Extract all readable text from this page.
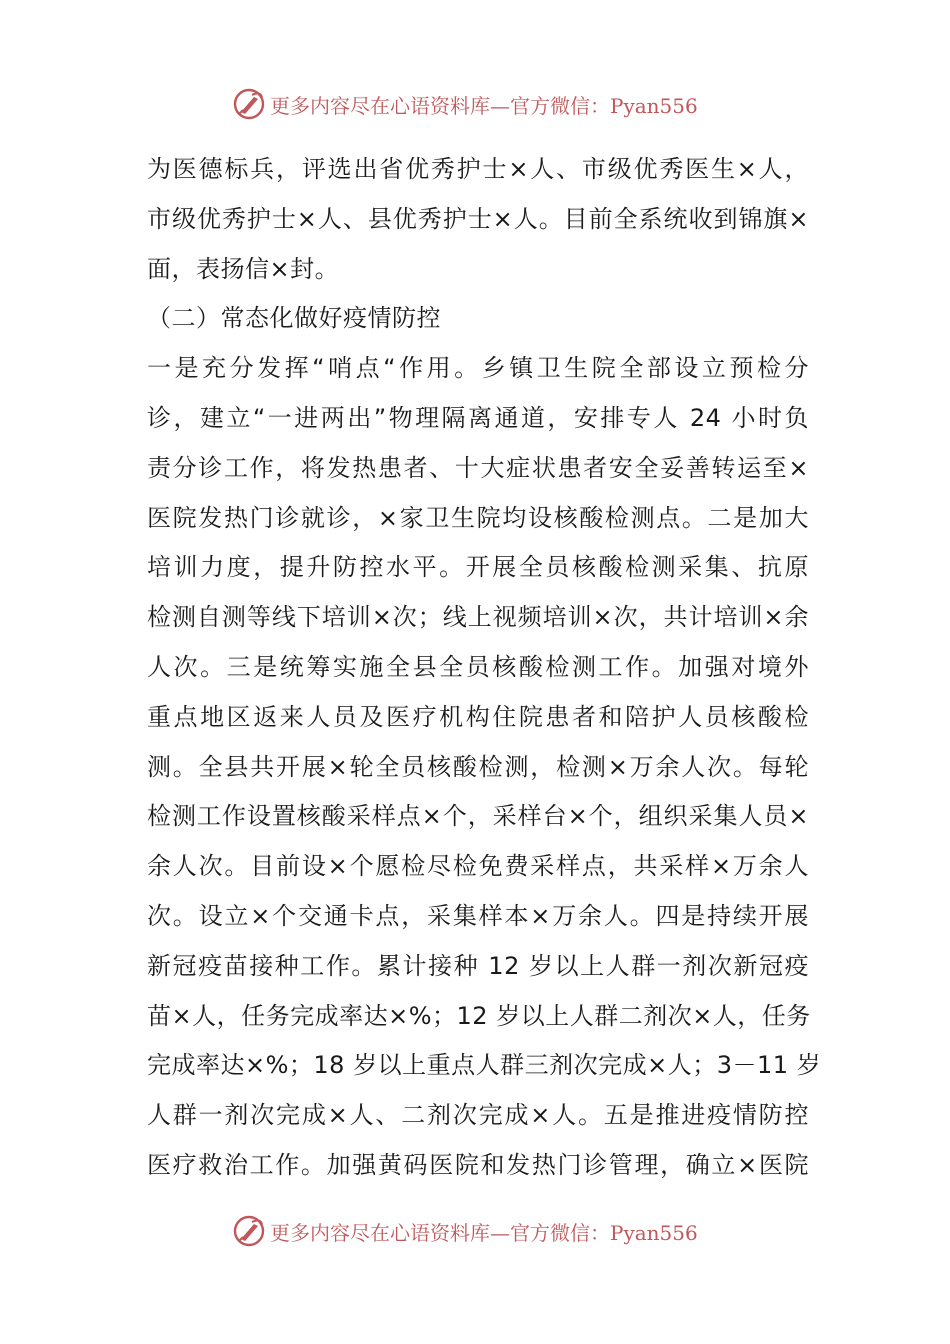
更多内容尽在心语资料库—官方微信：Pyan556
为医德标兵，评选出省优秀护士×人、市级优秀医生×人，
市级优秀护士×人、县优秀护士×人。目前全系统收到锦旗×
面，表扬信×封。
（二）常态化做好疫情防控
一是充分发挥“哨点“作用。乡镇卫生院全部设立预检分
诊，建立“一进两出”物理隔离通道，安排专人 24 小时负
责分诊工作，将发热患者、十大症状患者安全妥善转运至×
医院发热门诊就诊，×家卫生院均设核酸检测点。二是加大
培训力度，提升防控水平。开展全员核酸检测采集、抗原
检测自测等线下培训×次；线上视频培训×次，共计培训×余
人次。三是统筹实施全县全员核酸检测工作。加强对境外
重点地区返来人员及医疗机构住院患者和陪护人员核酸检
测。全县共开展×轮全员核酸检测，检测×万余人次。每轮
检测工作设置核酸采样点×个，采样台×个，组织采集人员×
余人次。目前设×个愿检尽检免费采样点，共采样×万余人
次。设立×个交通卡点，采集样本×万余人。四是持续开展
新冠疫苗接种工作。累计接种 12 岁以上人群一剂次新冠疫
苗×人，任务完成率达×%；12 岁以上人群二剂次×人，任务
完成率达×%；18 岁以上重点人群三剂次完成×人；3－11 岁
人群一剂次完成×人、二剂次完成×人。五是推进疫情防控
医疗救治工作。加强黄码医院和发热门诊管理，确立×医院
更多内容尽在心语资料库—官方微信：Pyan556
